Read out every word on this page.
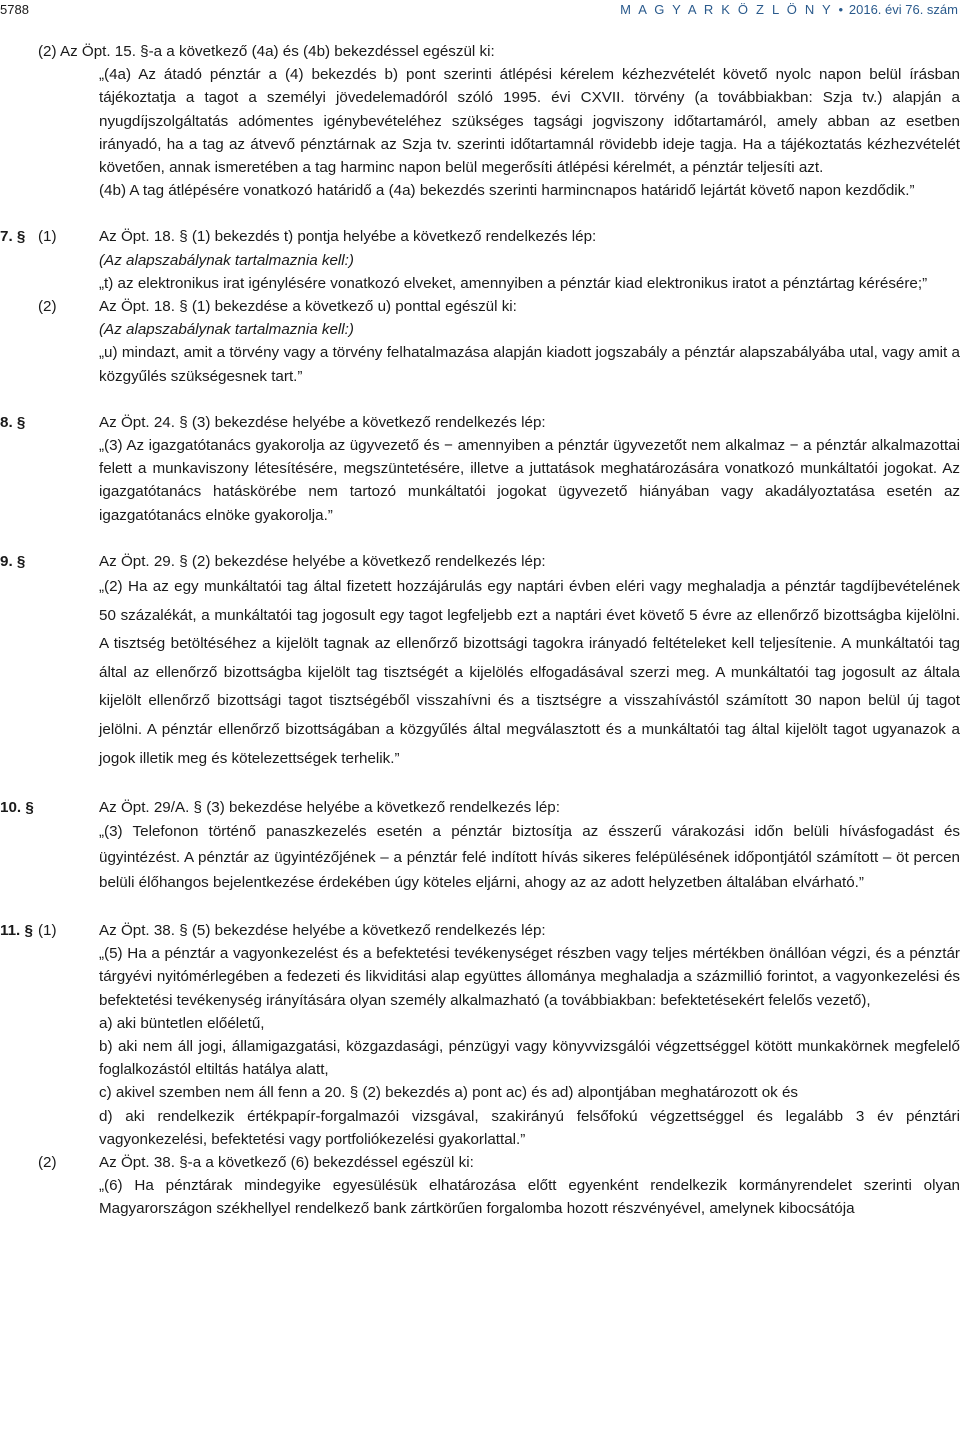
5788	M A G Y A R K Ö Z L Ö N Y • 2016. évi 76. szám

(2) Az Öpt. 15. §-a a következő (4a) és (4b) bekezdéssel egészül ki:

„(4a) Az átadó pénztár a (4) bekezdés b) pont szerinti átlépési kérelem kézhezvételét követő nyolc napon belül írásban tájékoztatja a tagot a személyi jövedelemadóról szóló 1995. évi CXVII. törvény (a továbbiakban: Szja tv.) alapján a nyugdíjszolgáltatás adómentes igénybevételéhez szükséges tagsági jogviszony időtartamáról, amely abban az esetben irányadó, ha a tag az átvevő pénztárnak az Szja tv. szerinti időtartamnál rövidebb ideje tagja. Ha a tájékoztatás kézhezvételét követően, annak ismeretében a tag harminc napon belül megerősíti átlépési kérelmét, a pénztár teljesíti azt.

(4b) A tag átlépésére vonatkozó határidő a (4a) bekezdés szerinti harmincnapos határidő lejártát követő napon kezdődik.”

7. § (1)	Az Öpt. 18. § (1) bekezdés t) pontja helyébe a következő rendelkezés lép:

(Az alapszabálynak tartalmaznia kell:)

„t) az elektronikus irat igénylésére vonatkozó elveket, amennyiben a pénztár kiad elektronikus iratot a pénztártag kérésére;”

(2)	Az Öpt. 18. § (1) bekezdése a következő u) ponttal egészül ki:

(Az alapszabálynak tartalmaznia kell:)

„u) mindazt, amit a törvény vagy a törvény felhatalmazása alapján kiadott jogszabály a pénztár alapszabályába utal, vagy amit a közgyűlés szükségesnek tart.”

8. §	Az Öpt. 24. § (3) bekezdése helyébe a következő rendelkezés lép:

„(3) Az igazgatótanács gyakorolja az ügyvezető és − amennyiben a pénztár ügyvezetőt nem alkalmaz − a pénztár alkalmazottai felett a munkaviszony létesítésére, megszüntetésére, illetve a juttatások meghatározására vonatkozó munkáltatói jogokat. Az igazgatótanács hatáskörébe nem tartozó munkáltatói jogokat ügyvezető hiányában vagy akadályoztatása esetén az igazgatótanács elnöke gyakorolja.”

9. §	Az Öpt. 29. § (2) bekezdése helyébe a következő rendelkezés lép:

„(2) Ha az egy munkáltatói tag által fizetett hozzájárulás egy naptári évben eléri vagy meghaladja a pénztár tagdíjbevételének 50 százalékát, a munkáltatói tag jogosult egy tagot legfeljebb ezt a naptári évet követő 5 évre az ellenőrző bizottságba kijelölni. A tisztség betöltéséhez a kijelölt tagnak az ellenőrző bizottsági tagokra irányadó feltételeket kell teljesítenie. A munkáltatói tag által az ellenőrző bizottságba kijelölt tag tisztségét a kijelölés elfogadásával szerzi meg. A munkáltatói tag jogosult az általa kijelölt ellenőrző bizottsági tagot tisztségéből visszahívni és a tisztségre a visszahívástól számított 30 napon belül új tagot jelölni. A pénztár ellenőrző bizottságában a közgyűlés által megválasztott és a munkáltatói tag által kijelölt tagot ugyanazok a jogok illetik meg és kötelezettségek terhelik.”

10. §	Az Öpt. 29/A. § (3) bekezdése helyébe a következő rendelkezés lép:

„(3) Telefonon történő panaszkezelés esetén a pénztár biztosítja az ésszerű várakozási időn belüli hívásfogadást és ügyintézést. A pénztár az ügyintézőjének – a pénztár felé indított hívás sikeres felépülésének időpontjától számított – öt percen belüli élőhangos bejelentkezése érdekében úgy köteles eljárni, ahogy az az adott helyzetben általában elvárható.”

11. § (1)	Az Öpt. 38. § (5) bekezdése helyébe a következő rendelkezés lép:

„(5) Ha a pénztár a vagyonkezelést és a befektetési tevékenységet részben vagy teljes mértékben önállóan végzi, és a pénztár tárgyévi nyitómérlegében a fedezeti és likviditási alap együttes állománya meghaladja a százmillió forintot, a vagyonkezelési és befektetési tevékenység irányítására olyan személy alkalmazható (a továbbiakban: befektetésekért felelős vezető),

a) aki büntetlen előéletű,

b) aki nem áll jogi, államigazgatási, közgazdasági, pénzügyi vagy könyvvizsgálói végzettséggel kötött munkakörnek megfelelő foglalkozástól eltiltás hatálya alatt,

c) akivel szemben nem áll fenn a 20. § (2) bekezdés a) pont ac) és ad) alpontjában meghatározott ok és

d) aki rendelkezik értékpapír-forgalmazói vizsgával, szakirányú felsőfokú végzettséggel és legalább 3 év pénztári vagyonkezelési, befektetési vagy portfoliókezelési gyakorlattal.”

(2)	Az Öpt. 38. §-a a következő (6) bekezdéssel egészül ki:

„(6) Ha pénztárak mindegyike egyesülésük elhatározása előtt egyenként rendelkezik kormányrendelet szerinti olyan Magyarországon székhellyel rendelkező bank zártkörűen forgalomba hozott részvényével, amelynek kibocsátója
